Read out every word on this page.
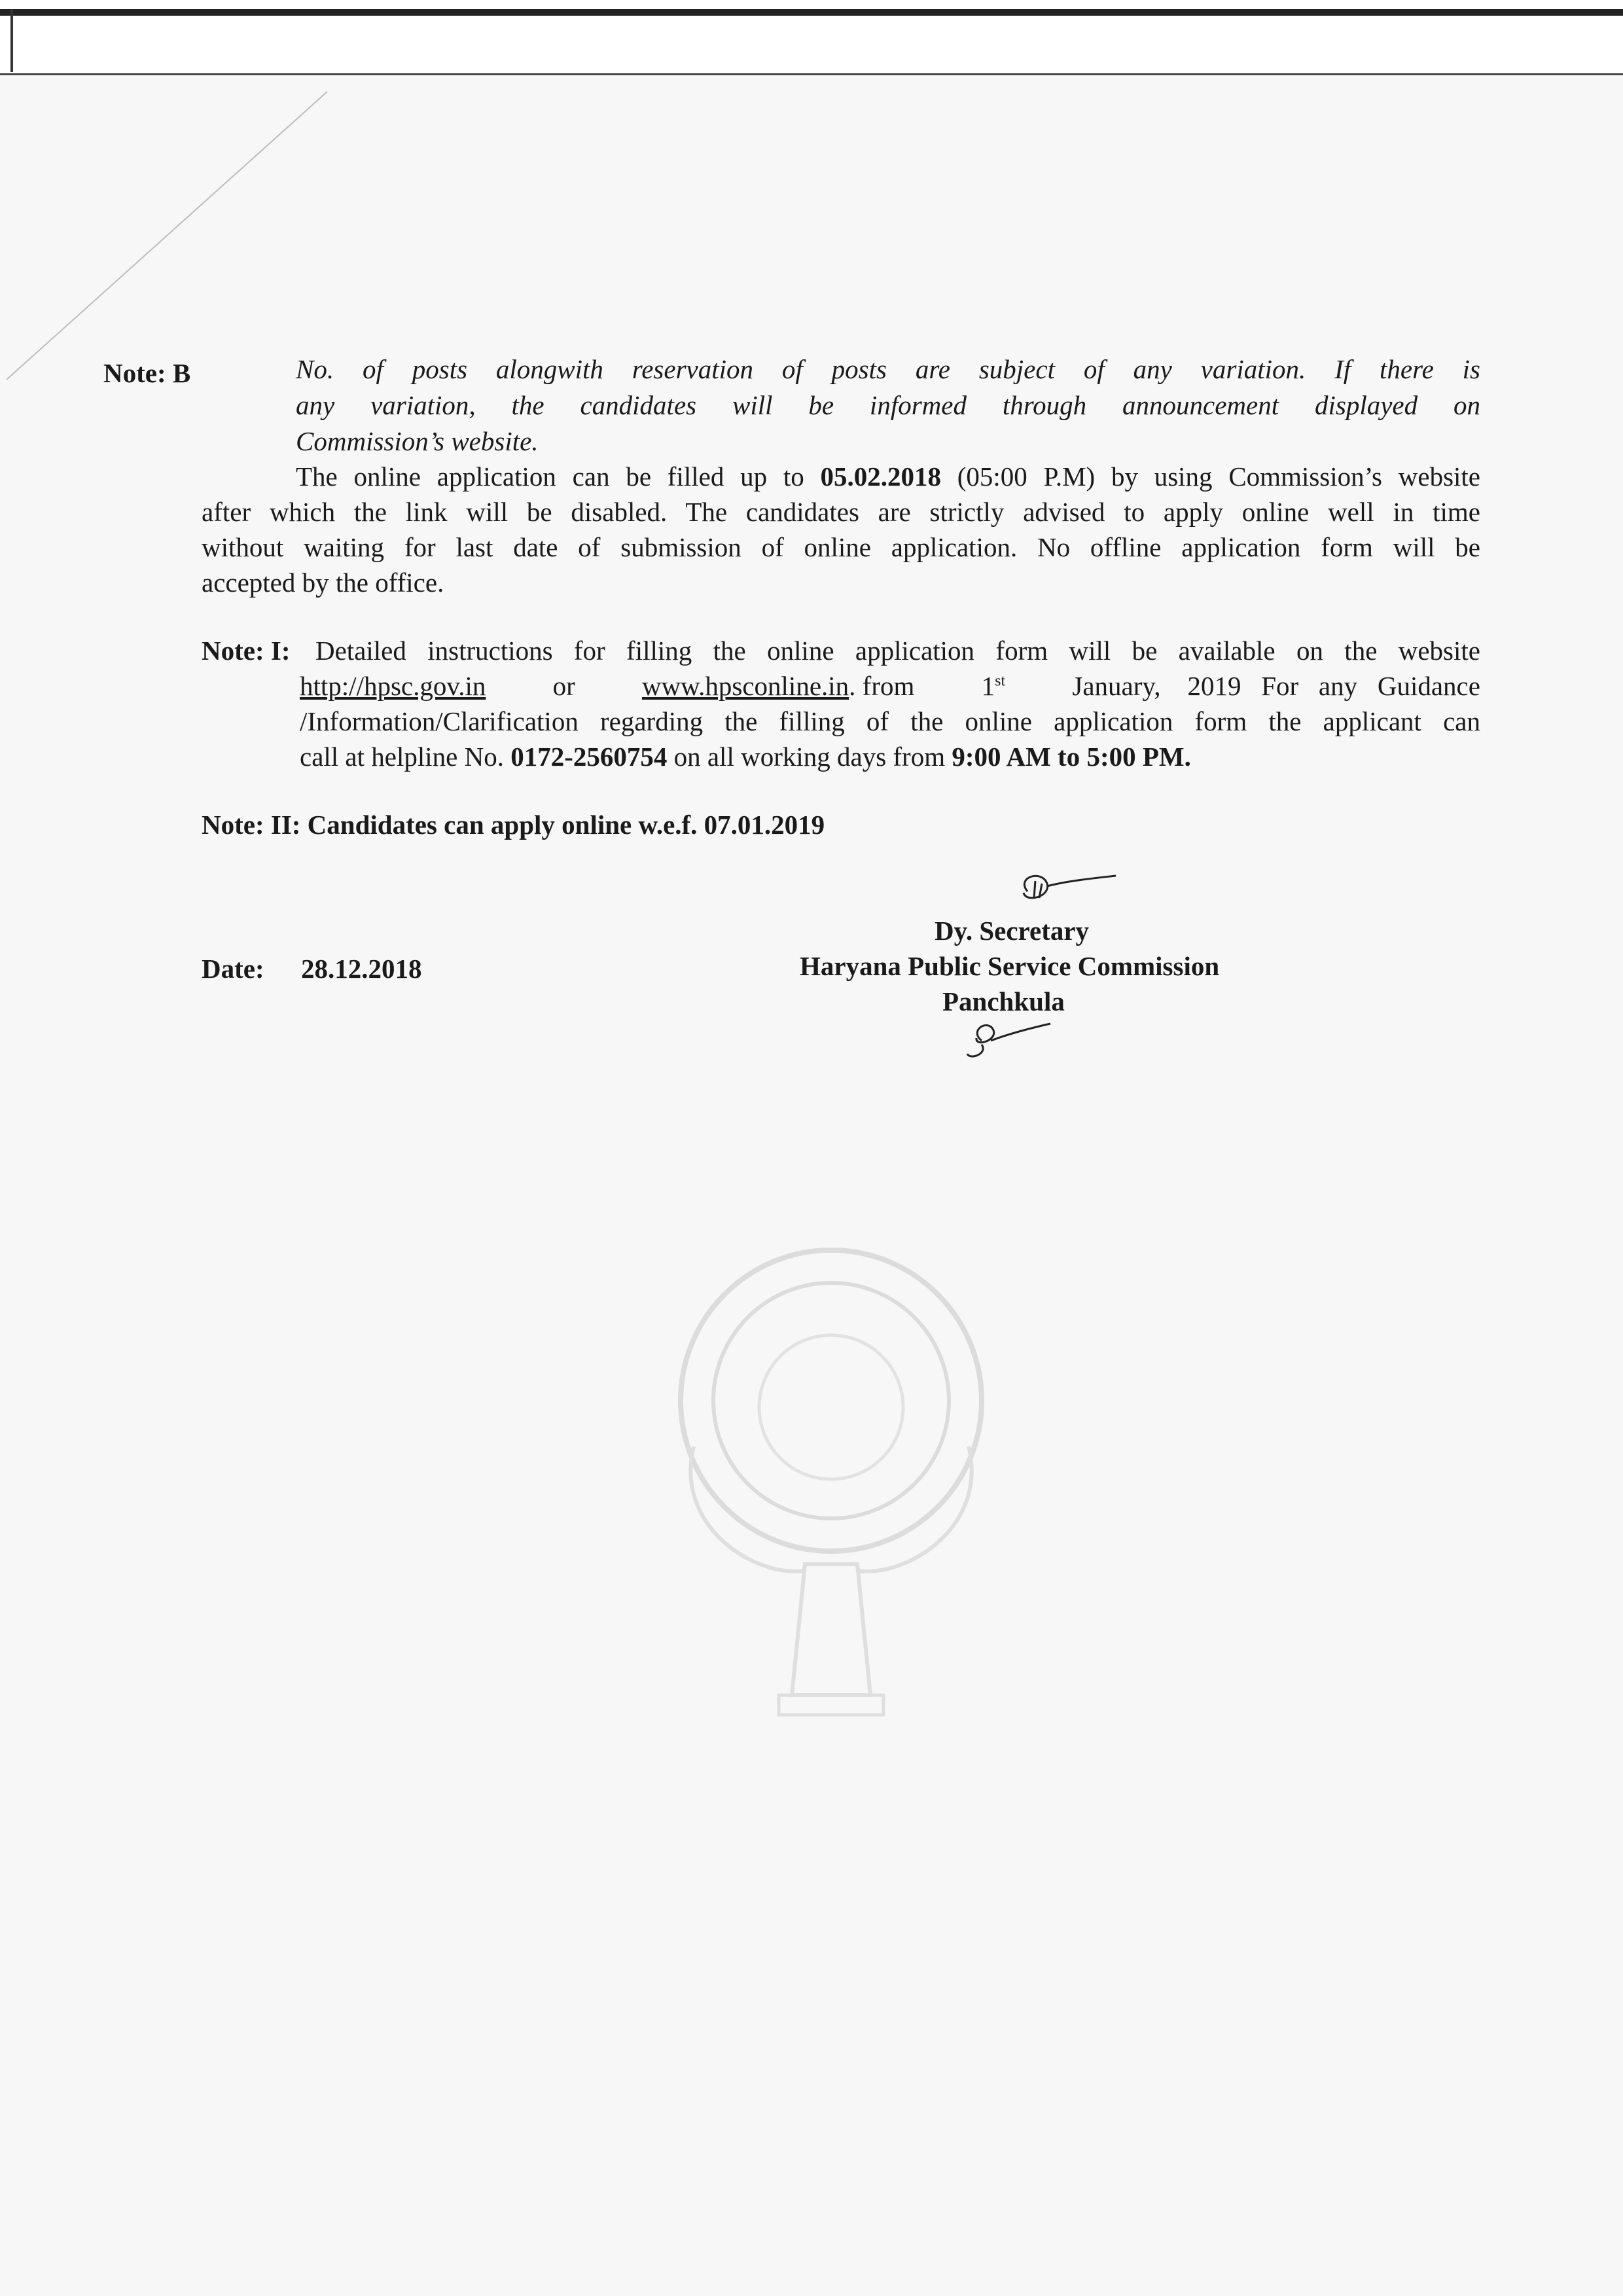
Note: B	No. of posts alongwith reservation of posts are subject of any variation. If there is
any variation, the candidates will be informed through announcement displayed on
Commission’s website.
The online application can be filled up to 05.02.2018 (05:00 P.M) by using Commission’s website
after which the link will be disabled. The candidates are strictly advised to apply online well in time
without waiting for last date of submission of online application. No offline application form will be
accepted by the office.
Note: I: Detailed instructions for filling the online application form will be available on the website
http://hpsc.gov.in or www.hpsconline.in. from 1st January,    2019   For   any   Guidance
/Information/Clarification regarding the filling of the online application form the applicant can
call at helpline No. 0172-2560754 on all working days from 9:00 AM to 5:00 PM.
Note: II: Candidates can apply online w.e.f. 07.01.2019
Dy. Secretary
Haryana Public Service Commission
Panchkula
Date: 28.12.2018
